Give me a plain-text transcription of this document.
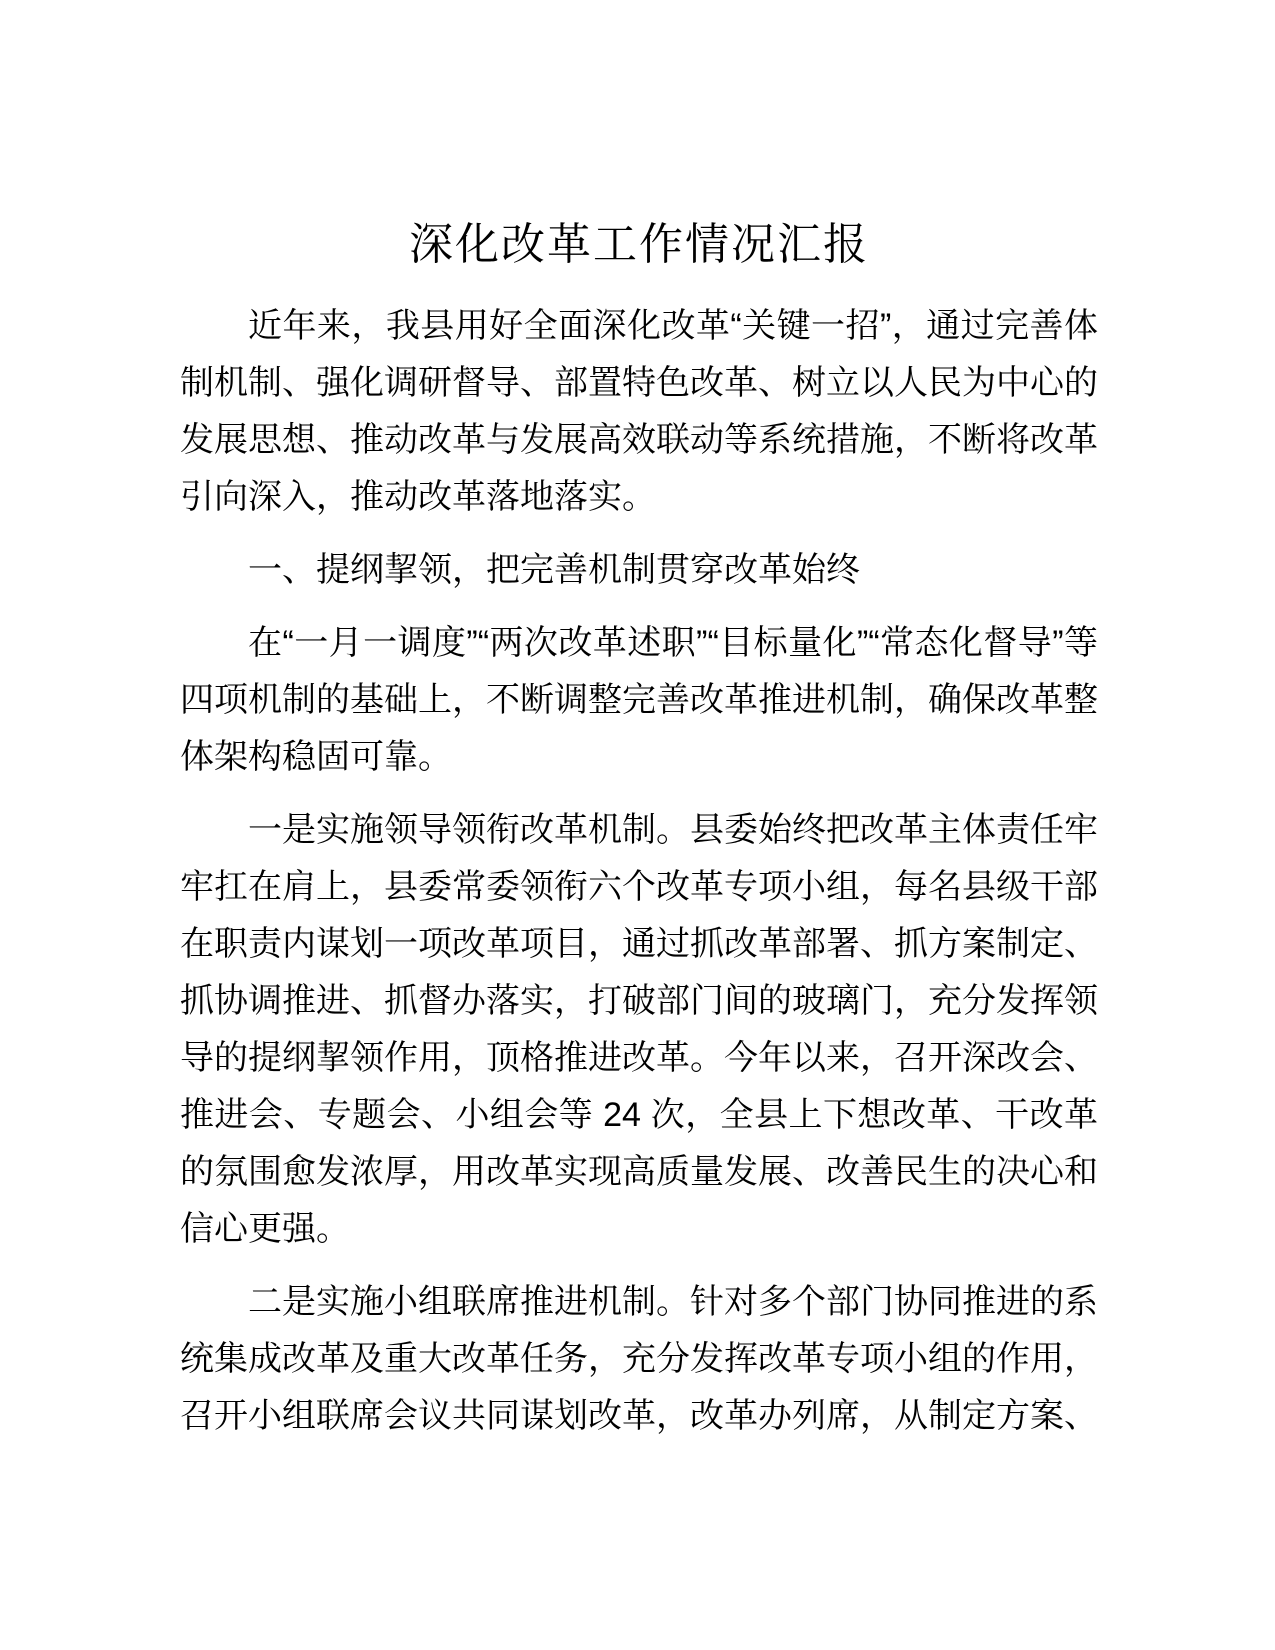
深化改革工作情况汇报

近年来，我县用好全面深化改革“关键一招”，通过完善体制机制、强化调研督导、部置特色改革、树立以人民为中心的发展思想、推动改革与发展高效联动等系统措施，不断将改革引向深入，推动改革落地落实。

一、提纲挈领，把完善机制贯穿改革始终

在“一月一调度”“两次改革述职”“目标量化”“常态化督导”等四项机制的基础上，不断调整完善改革推进机制，确保改革整体架构稳固可靠。

一是实施领导领衔改革机制。县委始终把改革主体责任牢牢扛在肩上，县委常委领衔六个改革专项小组，每名县级干部在职责内谋划一项改革项目，通过抓改革部署、抓方案制定、抓协调推进、抓督办落实，打破部门间的玻璃门，充分发挥领导的提纲挈领作用，顶格推进改革。今年以来，召开深改会、推进会、专题会、小组会等 24 次，全县上下想改革、干改革的氛围愈发浓厚，用改革实现高质量发展、改善民生的决心和信心更强。

二是实施小组联席推进机制。针对多个部门协同推进的系统集成改革及重大改革任务，充分发挥改革专项小组的作用，召开小组联席会议共同谋划改革，改革办列席，从制定方案、
